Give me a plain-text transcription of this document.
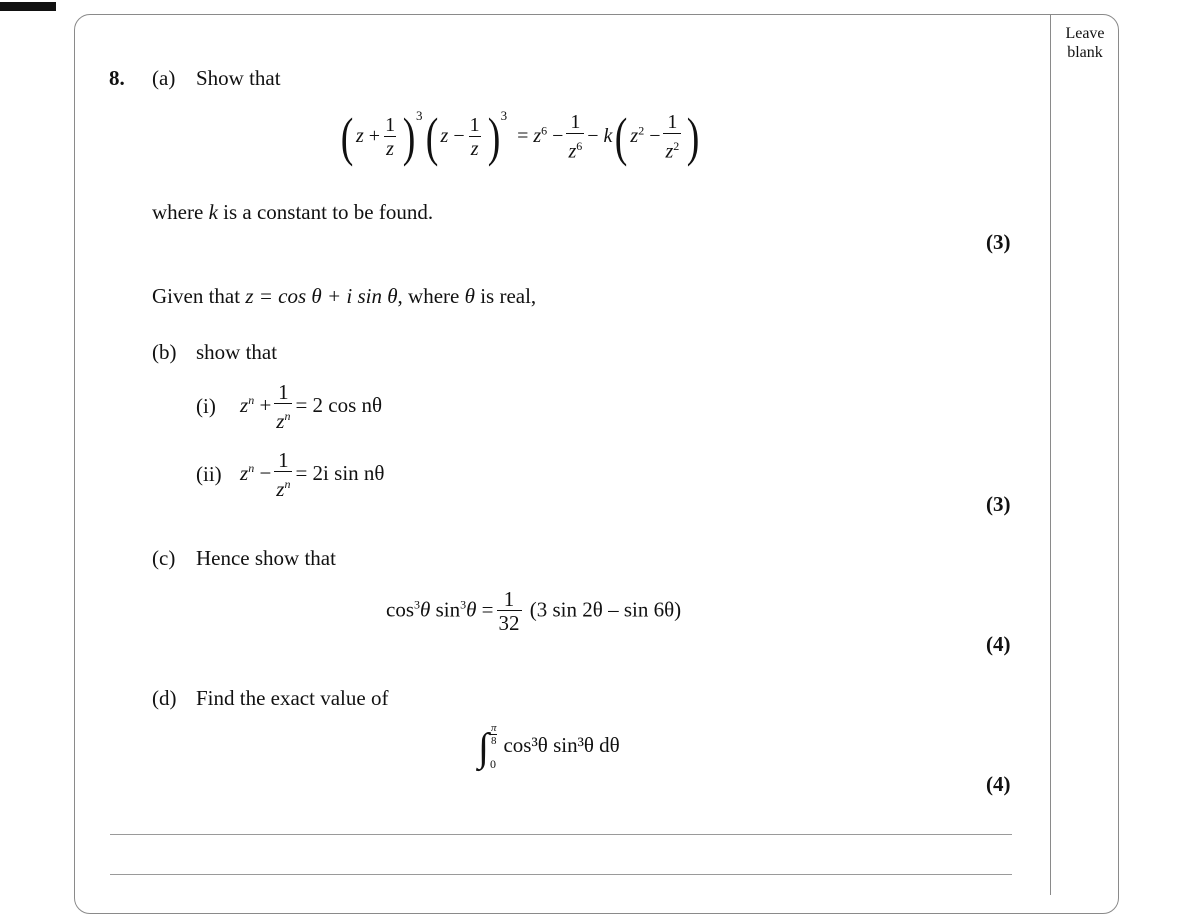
Leave
blank
8. (a) Show that
( $z + \frac{1}{z} )^3$( $z - \frac{1}{z} )^3 = z^6 - \frac{1}{z^6} - k$( $z^2 - \frac{1}{z^2}$ )
where k is a constant to be found.
(3)
Given that z = cos θ + i sin θ, where θ is real,
(b) show that
(i) $z^n + \frac{1}{z^n} = 2$ cos nθ
(ii) $z^n - \frac{1}{z^n} = 2i$ sin nθ
(3)
(c) Hence show that
$\cos^3\theta$ $\sin^3\theta = \frac{1}{32} (3$ sin 2θ – sin 6θ)
(4)
(d) Find the exact value of
∫ $\frac{\pi}{8}$
0
cos³θ sin³θ dθ
(4)
